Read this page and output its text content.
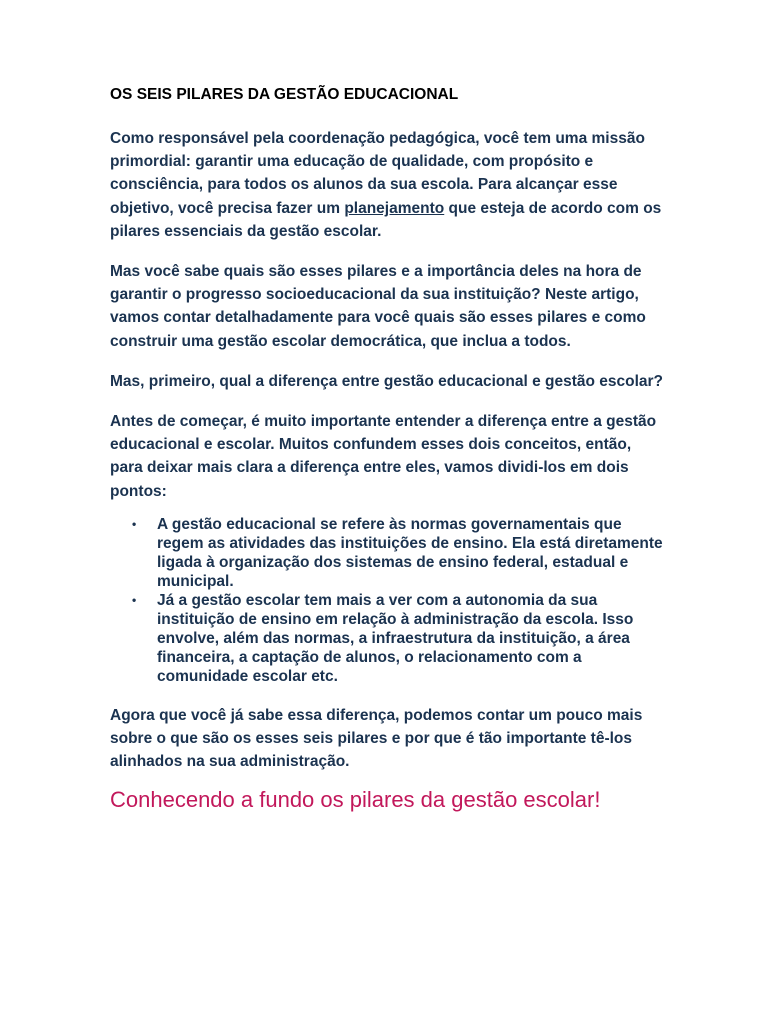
OS SEIS PILARES DA GESTÃO EDUCACIONAL

Como responsável pela coordenação pedagógica, você tem uma missão primordial: garantir uma educação de qualidade, com propósito e consciência, para todos os alunos da sua escola. Para alcançar esse objetivo, você precisa fazer um planejamento que esteja de acordo com os pilares essenciais da gestão escolar.

Mas você sabe quais são esses pilares e a importância deles na hora de garantir o progresso socioeducacional da sua instituição? Neste artigo, vamos contar detalhadamente para você quais são esses pilares e como construir uma gestão escolar democrática, que inclua a todos.

Mas, primeiro, qual a diferença entre gestão educacional e gestão escolar?

Antes de começar, é muito importante entender a diferença entre a gestão educacional e escolar. Muitos confundem esses dois conceitos, então, para deixar mais clara a diferença entre eles, vamos dividi-los em dois pontos:

• A gestão educacional se refere às normas governamentais que regem as atividades das instituições de ensino. Ela está diretamente ligada à organização dos sistemas de ensino federal, estadual e municipal.
• Já a gestão escolar tem mais a ver com a autonomia da sua instituição de ensino em relação à administração da escola. Isso envolve, além das normas, a infraestrutura da instituição, a área financeira, a captação de alunos, o relacionamento com a comunidade escolar etc.

Agora que você já sabe essa diferença, podemos contar um pouco mais sobre o que são os esses seis pilares e por que é tão importante tê-los alinhados na sua administração.

Conhecendo a fundo os pilares da gestão escolar!
